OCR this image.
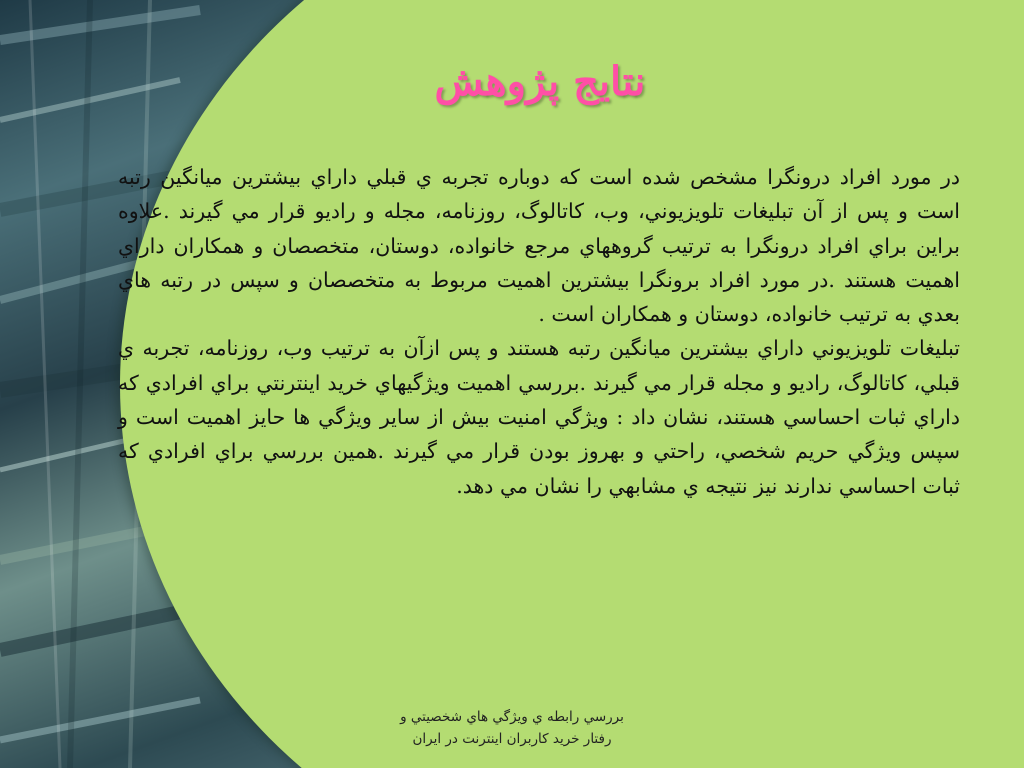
نتايج پژوهش

در مورد افراد درونگرا مشخص شده است كه دوباره تجربه ي قبلي داراي بيشترين ميانگين رتبه است و پس از آن تبليغات تلويزيوني، وب، كاتالوگ، روزنامه، مجله و راديو قرار مي گيرند .علاوه براين براي افراد درونگرا به ترتيب گروههاي مرجع خانواده، دوستان، متخصصان و همكاران داراي اهميت هستند .در مورد افراد برونگرا بيشترين اهميت مربوط به متخصصان و سپس در رتبه هاي بعدي به ترتيب خانواده، دوستان و همكاران است .

تبليغات تلويزيوني داراي بيشترين ميانگين رتبه هستند و پس ازآن به ترتيب وب، روزنامه، تجربه ي قبلي، كاتالوگ، راديو و مجله قرار مي گيرند .بررسي اهميت ويژگيهاي خريد اينترنتي براي افرادي كه داراي ثبات احساسي هستند، نشان داد : ويژگي امنيت بيش از ساير ويژگي ها حايز اهميت است و سپس ويژگي حريم شخصي، راحتي و بهروز بودن قرار مي گيرند .همين بررسي براي افرادي كه ثبات احساسي ندارند نيز نتيجه ي مشابهي را نشان مي دهد.

بررسي رابطه ي ويژگي هاي شخصيتي و
رفتار خريد كاربران اينترنت در ايران
